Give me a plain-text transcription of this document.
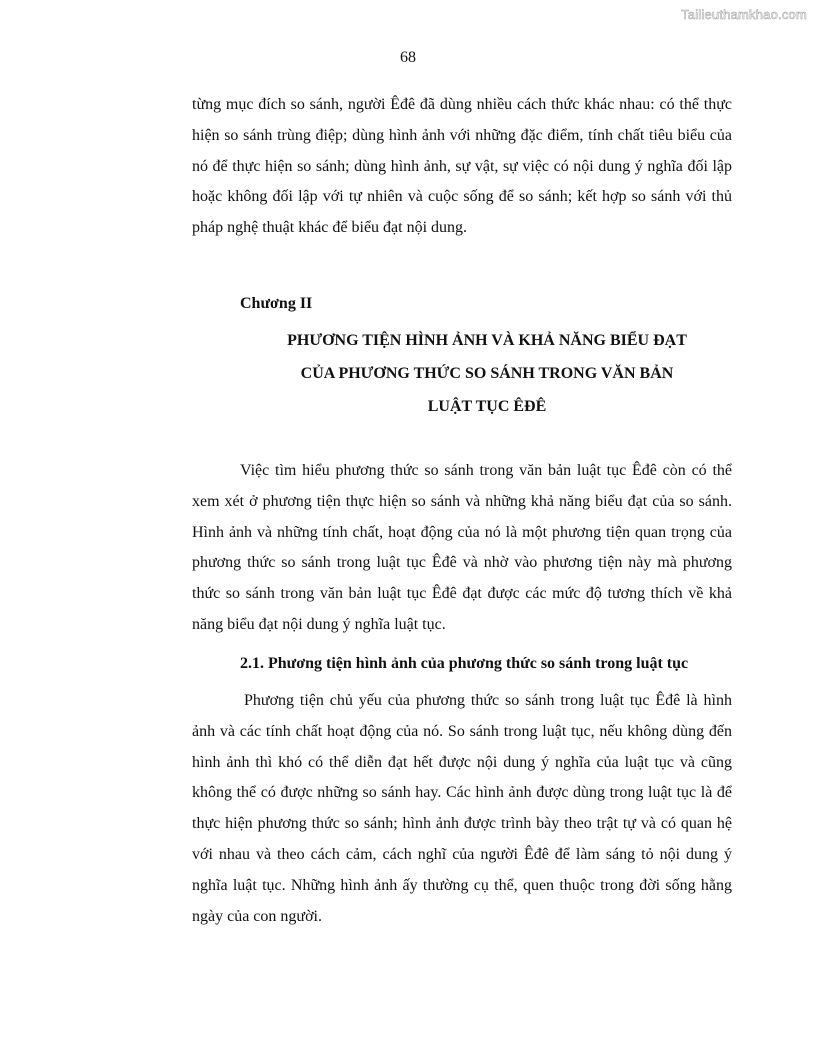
Tailieuthamkhao.com
68

từng mục đích so sánh, người Êđê đã dùng nhiều cách thức khác nhau: có thể thực hiện so sánh trùng điệp; dùng hình ảnh với những đặc điểm, tính chất tiêu biểu của nó để thực hiện so sánh; dùng hình ảnh, sự vật, sự việc có nội dung ý nghĩa đối lập hoặc không đối lập với tự nhiên và cuộc sống để so sánh; kết hợp so sánh với thủ pháp nghệ thuật khác để biểu đạt nội dung.

Chương II
PHƯƠNG TIỆN HÌNH ẢNH VÀ KHẢ NĂNG BIỂU ĐẠT
CỦA PHƯƠNG THỨC SO SÁNH TRONG VĂN BẢN
LUẬT TỤC ÊĐÊ

Việc tìm hiểu phương thức so sánh trong văn bản luật tục Êđê còn có thể xem xét ở phương tiện thực hiện so sánh và những khả năng biểu đạt của so sánh. Hình ảnh và những tính chất, hoạt động của nó là một phương tiện quan trọng của phương thức so sánh trong luật tục Êđê và nhờ vào phương tiện này mà phương thức so sánh trong văn bản luật tục Êđê đạt được các mức độ tương thích về khả năng biểu đạt nội dung ý nghĩa luật tục.

2.1. Phương tiện hình ảnh của phương thức so sánh trong luật tục

Phương tiện chủ yếu của phương thức so sánh trong luật tục Êđê là hình ảnh và các tính chất hoạt động của nó. So sánh trong luật tục, nếu không dùng đến hình ảnh thì khó có thể diễn đạt hết được nội dung ý nghĩa của luật tục và cũng không thể có được những so sánh hay. Các hình ảnh được dùng trong luật tục là để thực hiện phương thức so sánh; hình ảnh được trình bày theo trật tự và có quan hệ với nhau và theo cách cảm, cách nghĩ của người Êđê để làm sáng tỏ nội dung ý nghĩa luật tục. Những hình ảnh ấy thường cụ thể, quen thuộc trong đời sống hằng ngày của con người.
